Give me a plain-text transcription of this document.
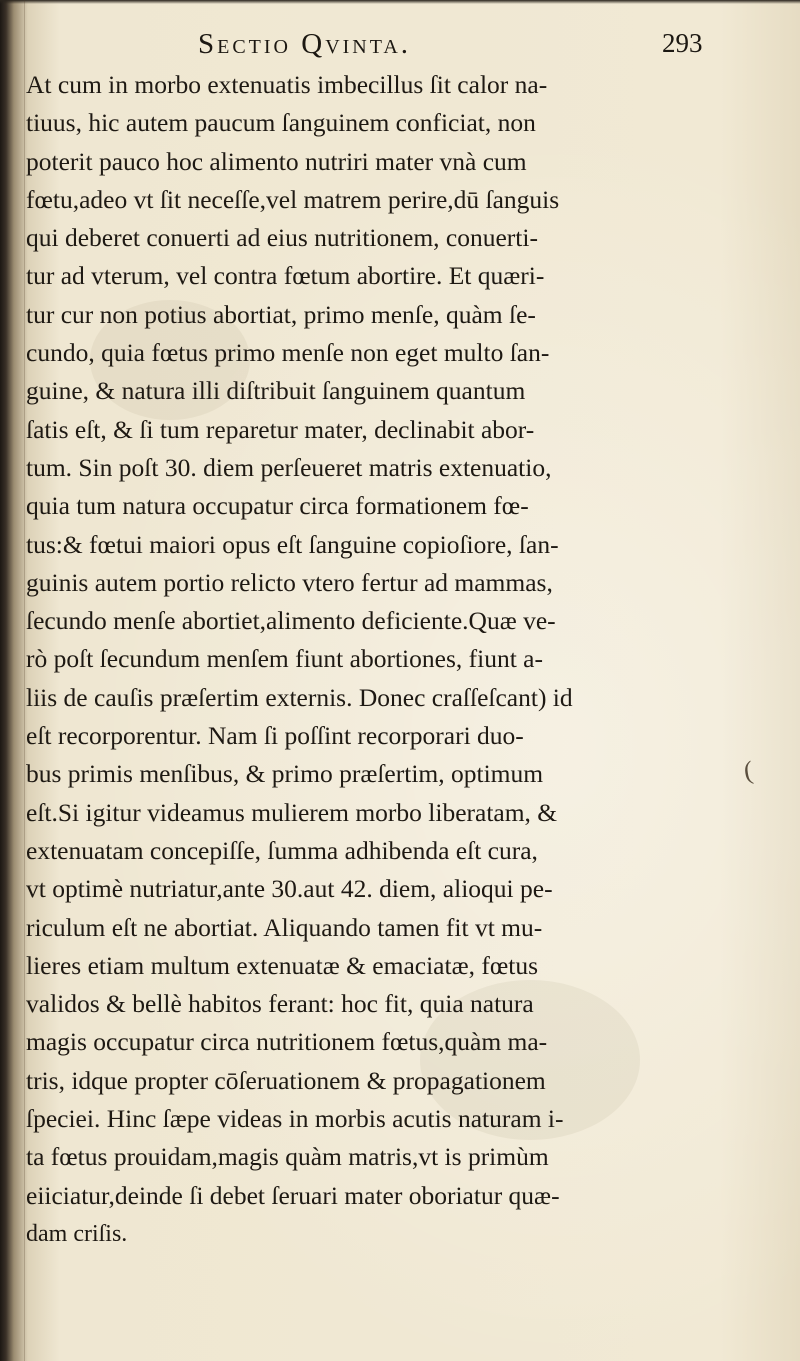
Sectio Qvinta.	293
At cum in morbo extenuatis imbecillus ſit calor na-
tiuus, hic autem paucum ſanguinem conficiat, non
poterit pauco hoc alimento nutriri mater vnà cum
fœtu,adeo vt ſit neceſſe,vel matrem perire,dū ſanguis
qui deberet conuerti ad eius nutritionem, conuerti-
tur ad vterum, vel contra fœtum abortire. Et quæri-
tur cur non potius abortiat, primo menſe, quàm ſe-
cundo, quia fœtus primo menſe non eget multo ſan-
guine, & natura illi diſtribuit ſanguinem quantum
ſatis eſt, & ſi tum reparetur mater, declinabit abor-
tum. Sin poſt 30. diem perſeueret matris extenuatio,
quia tum natura occupatur circa formationem fœ-
tus:& fœtui maiori opus eſt ſanguine copioſiore, ſan-
guinis autem portio relicto vtero fertur ad mammas,
ſecundo menſe abortiet,alimento deficiente.Quæ ve-
rò poſt ſecundum menſem fiunt abortiones, fiunt a-
liis de cauſis præſertim externis. Donec craſſeſcant) id
eſt recorporentur. Nam ſi poſſint recorporari duo-
bus primis menſibus, & primo præſertim, optimum
eſt.Si igitur videamus mulierem morbo liberatam, &
extenuatam concepiſſe, ſumma adhibenda eſt cura,
vt optimè nutriatur,ante 30.aut 42. diem, alioqui pe-
riculum eſt ne abortiat. Aliquando tamen fit vt mu-
lieres etiam multum extenuatæ & emaciatæ, fœtus
validos & bellè habitos ferant: hoc fit, quia natura
magis occupatur circa nutritionem fœtus,quàm ma-
tris, idque propter cōſeruationem & propagationem
ſpeciei. Hinc ſæpe videas in morbis acutis naturam i-
ta fœtus prouidam,magis quàm matris,vt is primùm
eiiciatur,deinde ſi debet ſeruari mater oboriatur quæ-
dam criſis.
(
